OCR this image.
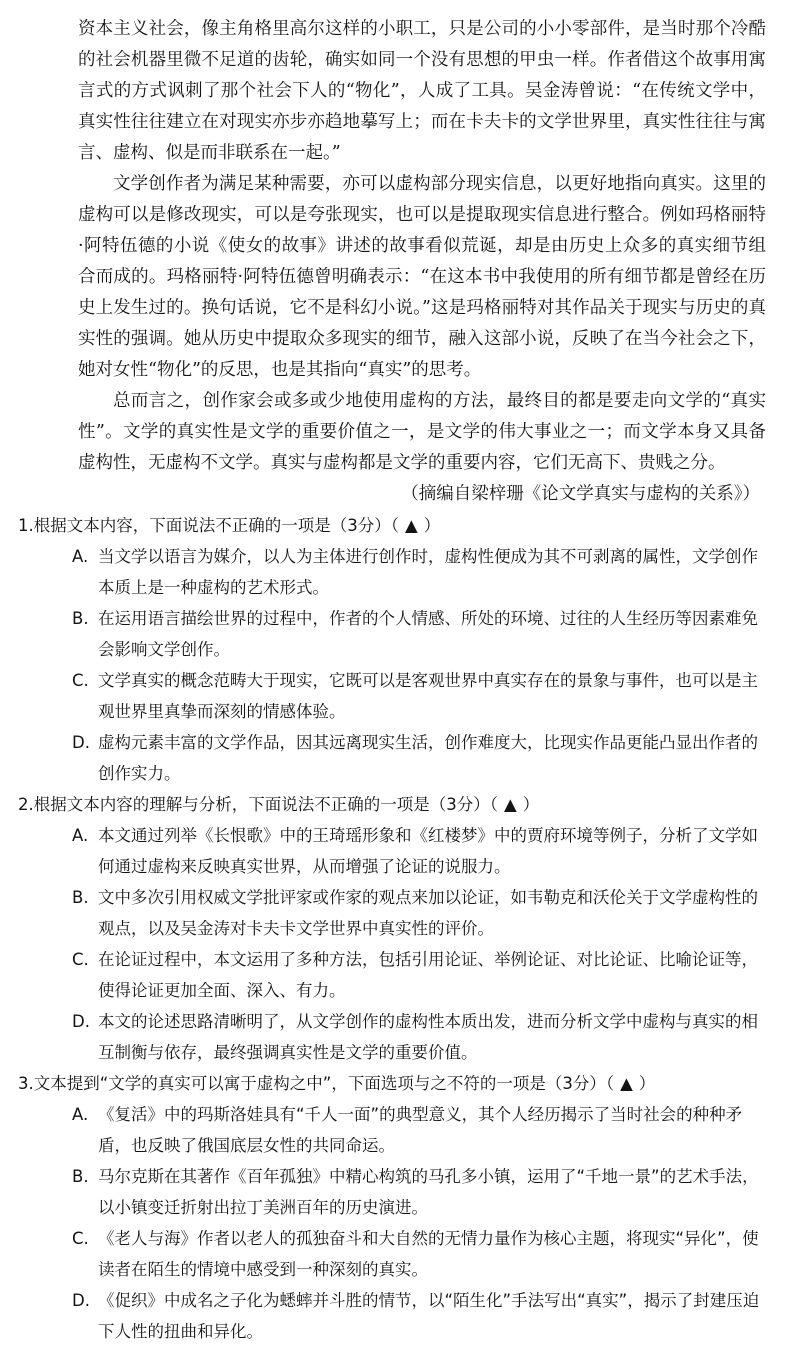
资本主义社会，像主角格里高尔这样的小职工，只是公司的小小零部件，是当时那个冷酷的社会机器里微不足道的齿轮，确实如同一个没有思想的甲虫一样。作者借这个故事用寓言式的方式讽刺了那个社会下人的“物化”，人成了工具。吴金涛曾说：“在传统文学中，真实性往往建立在对现实亦步亦趋地摹写上；而在卡夫卡的文学世界里，真实性往往与寓言、虚构、似是而非联系在一起。”

文学创作者为满足某种需要，亦可以虚构部分现实信息，以更好地指向真实。这里的虚构可以是修改现实，可以是夸张现实，也可以是提取现实信息进行整合。例如玛格丽特·阿特伍德的小说《使女的故事》讲述的故事看似荒诞，却是由历史上众多的真实细节组合而成的。玛格丽特·阿特伍德曾明确表示：“在这本书中我使用的所有细节都是曾经在历史上发生过的。换句话说，它不是科幻小说。”这是玛格丽特对其作品关于现实与历史的真实性的强调。她从历史中提取众多现实的细节，融入这部小说，反映了在当今社会之下，她对女性“物化”的反思，也是其指向“真实”的思考。

总而言之，创作家会或多或少地使用虚构的方法，最终目的都是要走向文学的“真实性”。文学的真实性是文学的重要价值之一，是文学的伟大事业之一；而文学本身又具备虚构性，无虚构不文学。真实与虚构都是文学的重要内容，它们无高下、贵贱之分。

（摘编自梁梓珊《论文学真实与虚构的关系》）

1.根据文本内容，下面说法不正确的一项是（3分）（ ▲ ）

A. 当文学以语言为媒介，以人为主体进行创作时，虚构性便成为其不可剥离的属性，文学创作本质上是一种虚构的艺术形式。
B. 在运用语言描绘世界的过程中，作者的个人情感、所处的环境、过往的人生经历等因素难免会影响文学创作。
C. 文学真实的概念范畴大于现实，它既可以是客观世界中真实存在的景象与事件，也可以是主观世界里真挚而深刻的情感体验。
D. 虚构元素丰富的文学作品，因其远离现实生活，创作难度大，比现实作品更能凸显出作者的创作实力。

2.根据文本内容的理解与分析，下面说法不正确的一项是（3分）（ ▲ ）

A. 本文通过列举《长恨歌》中的王琦瑶形象和《红楼梦》中的贾府环境等例子，分析了文学如何通过虚构来反映真实世界，从而增强了论证的说服力。
B. 文中多次引用权威文学批评家或作家的观点来加以论证，如韦勒克和沃伦关于文学虚构性的观点，以及吴金涛对卡夫卡文学世界中真实性的评价。
C. 在论证过程中，本文运用了多种方法，包括引用论证、举例论证、对比论证、比喻论证等，使得论证更加全面、深入、有力。
D. 本文的论述思路清晰明了，从文学创作的虚构性本质出发，进而分析文学中虚构与真实的相互制衡与依存，最终强调真实性是文学的重要价值。

3.文本提到“文学的真实可以寓于虚构之中”，下面选项与之不符的一项是（3分）（ ▲ ）

A. 《复活》中的玛斯洛娃具有“千人一面”的典型意义，其个人经历揭示了当时社会的种种矛盾，也反映了俄国底层女性的共同命运。
B. 马尔克斯在其著作《百年孤独》中精心构筑的马孔多小镇，运用了“千地一景”的艺术手法，以小镇变迁折射出拉丁美洲百年的历史演进。
C. 《老人与海》作者以老人的孤独奋斗和大自然的无情力量作为核心主题，将现实“异化”，使读者在陌生的情境中感受到一种深刻的真实。
D. 《促织》中成名之子化为蟋蟀并斗胜的情节，以“陌生化”手法写出“真实”，揭示了封建压迫下人性的扭曲和异化。
